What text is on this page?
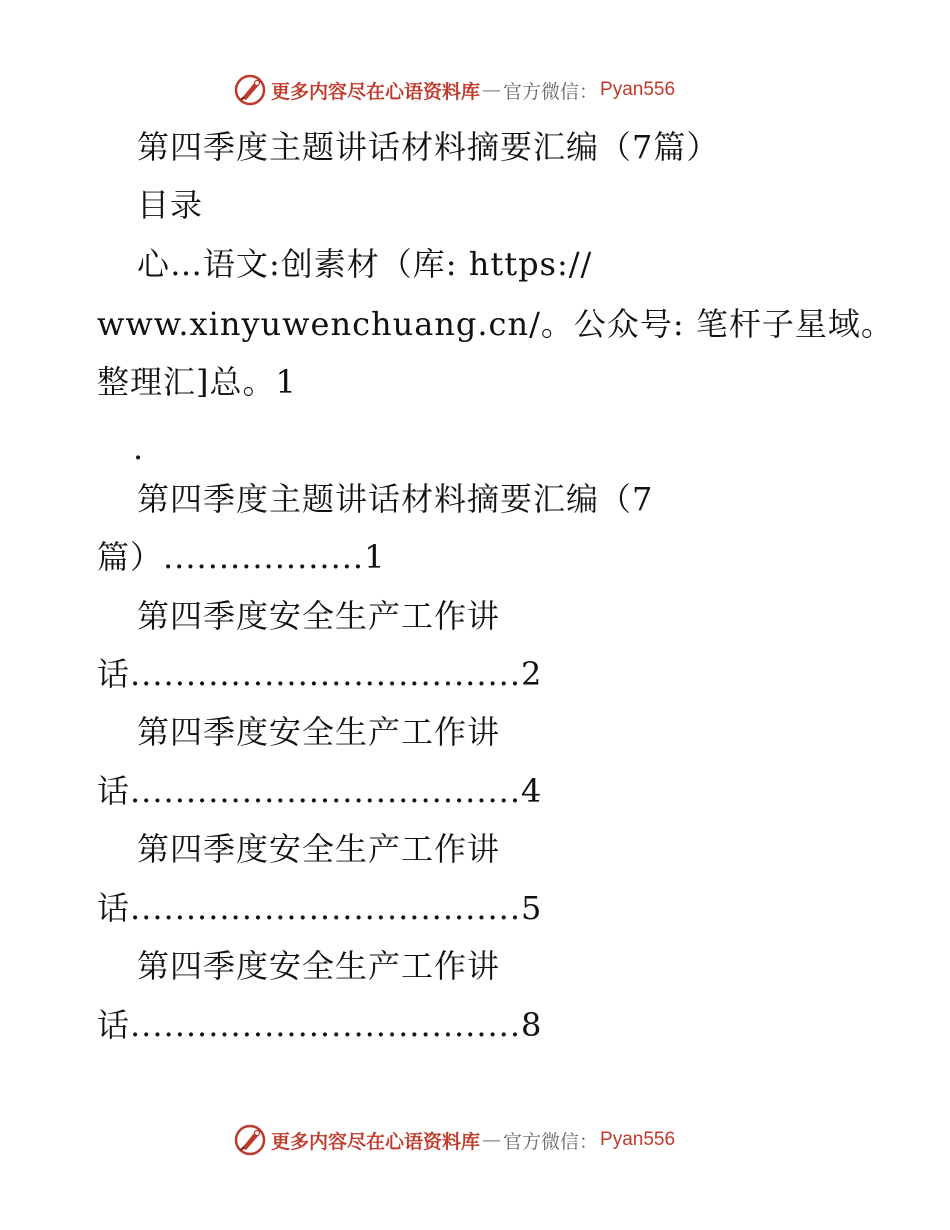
更多内容尽在心语资料库 — 官方微信： Pyan556
第四季度主题讲话材料摘要汇编（7篇）
目录
心…语文:创素材（库: https://
www.xinyuwenchuang.cn/。公众号: 笔杆子星域。
整理汇]总。1
.
第四季度主题讲话材料摘要汇编（7
篇）..................1
第四季度安全生产工作讲
话...................................2
第四季度安全生产工作讲
话...................................4
第四季度安全生产工作讲
话...................................5
第四季度安全生产工作讲
话...................................8
更多内容尽在心语资料库 — 官方微信： Pyan556
